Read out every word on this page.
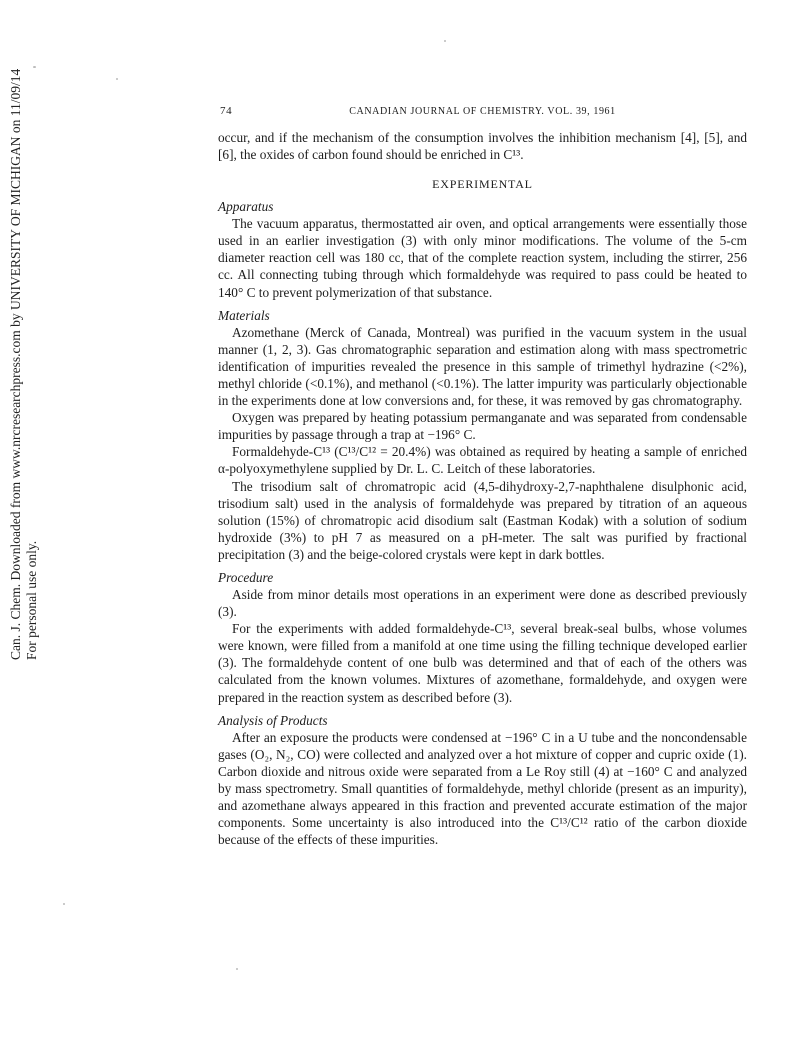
Can. J. Chem. Downloaded from www.nrcresearchpress.com by UNIVERSITY OF MICHIGAN on 11/09/14 For personal use only.
74	CANADIAN JOURNAL OF CHEMISTRY. VOL. 39, 1961

occur, and if the mechanism of the consumption involves the inhibition mechanism [4], [5], and [6], the oxides of carbon found should be enriched in C¹³.

EXPERIMENTAL
Apparatus

The vacuum apparatus, thermostatted air oven, and optical arrangements were essentially those used in an earlier investigation (3) with only minor modifications. The volume of the 5-cm diameter reaction cell was 180 cc, that of the complete reaction system, including the stirrer, 256 cc. All connecting tubing through which formaldehyde was required to pass could be heated to 140° C to prevent polymerization of that substance.

Materials

Azomethane (Merck of Canada, Montreal) was purified in the vacuum system in the usual manner (1, 2, 3). Gas chromatographic separation and estimation along with mass spectrometric identification of impurities revealed the presence in this sample of trimethyl hydrazine (<2%), methyl chloride (<0.1%), and methanol (<0.1%). The latter impurity was particularly objectionable in the experiments done at low conversions and, for these, it was removed by gas chromatography.

Oxygen was prepared by heating potassium permanganate and was separated from condensable impurities by passage through a trap at −196° C.

Formaldehyde-C¹³ (C¹³/C¹² = 20.4%) was obtained as required by heating a sample of enriched α-polyoxymethylene supplied by Dr. L. C. Leitch of these laboratories.

The trisodium salt of chromatropic acid (4,5-dihydroxy-2,7-naphthalene disulphonic acid, trisodium salt) used in the analysis of formaldehyde was prepared by titration of an aqueous solution (15%) of chromatropic acid disodium salt (Eastman Kodak) with a solution of sodium hydroxide (3%) to pH 7 as measured on a pH-meter. The salt was purified by fractional precipitation (3) and the beige-colored crystals were kept in dark bottles.

Procedure

Aside from minor details most operations in an experiment were done as described previously (3).

For the experiments with added formaldehyde-C¹³, several break-seal bulbs, whose volumes were known, were filled from a manifold at one time using the filling technique developed earlier (3). The formaldehyde content of one bulb was determined and that of each of the others was calculated from the known volumes. Mixtures of azomethane, formaldehyde, and oxygen were prepared in the reaction system as described before (3).

Analysis of Products

After an exposure the products were condensed at −196° C in a U tube and the noncondensable gases (O₂, N₂, CO) were collected and analyzed over a hot mixture of copper and cupric oxide (1). Carbon dioxide and nitrous oxide were separated from a Le Roy still (4) at −160° C and analyzed by mass spectrometry. Small quantities of formaldehyde, methyl chloride (present as an impurity), and azomethane always appeared in this fraction and prevented accurate estimation of the major components. Some uncertainty is also introduced into the C¹³/C¹² ratio of the carbon dioxide because of the effects of these impurities.
